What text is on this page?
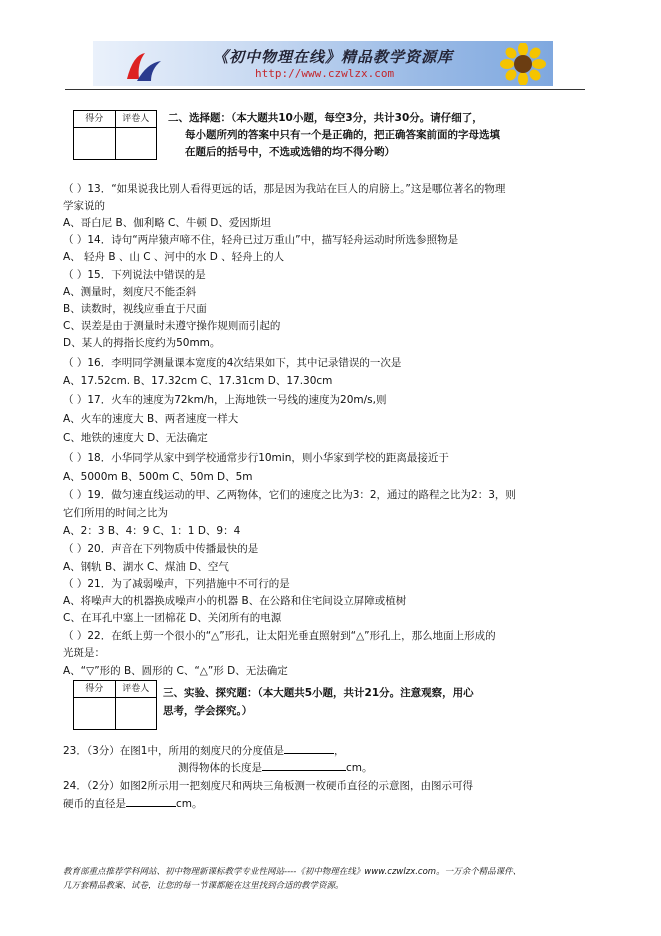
《初中物理在线》精品教学资源库
http://www.czwlzx.com
得分	评卷人	二、选择题：（本大题共10小题，每空3分，共计30分。请仔细了，
每小题所列的答案中只有一个是正确的，把正确答案前面的字母选填
在题后的括号中，不选或选错的均不得分哟）
（ ）13．“如果说我比别人看得更远的话，那是因为我站在巨人的肩膀上。”这是哪位著名的物理
学家说的
A、哥白尼 B、伽利略 C、牛顿 D、爱因斯坦
（ ）14．诗句“两岸猿声啼不住，轻舟已过万重山”中，描写轻舟运动时所选参照物是
A、 轻舟 B 、山 C 、河中的水 D 、轻舟上的人
（ ）15．下列说法中错误的是
A、测量时，刻度尺不能歪斜
B、读数时，视线应垂直于尺面
C、误差是由于测量时未遵守操作规则而引起的
D、某人的拇指长度约为50mm。
（ ）16．李明同学测量课本宽度的4次结果如下，其中记录错误的一次是
A、17.52cm. B、17.32cm C、17.31cm D、17.30cm
（ ）17．火车的速度为72km/h，上海地铁一号线的速度为20m/s,则
A、火车的速度大 B、两者速度一样大
C、地铁的速度大 D、无法确定
（ ）18．小华同学从家中到学校通常步行10min，则小华家到学校的距离最接近于
A、5000m B、500m C、50m D、5m
（ ）19．做匀速直线运动的甲、乙两物体，它们的速度之比为3：2，通过的路程之比为2：3，则
它们所用的时间之比为
A、2：3 B、4：9 C、1：1 D、9：4
（ ）20．声音在下列物质中传播最快的是
A、钢轨 B、湖水 C、煤油 D、空气
（ ）21．为了减弱噪声，下列措施中不可行的是
A、将噪声大的机器换成噪声小的机器 B、在公路和住宅间设立屏障或植树
C、在耳孔中塞上一团棉花 D、关闭所有的电源
（ ）22．在纸上剪一个很小的“△”形孔，让太阳光垂直照射到“△”形孔上，那么地面上形成的
光斑是：
A、“▽”形的 B、圆形的 C、“△”形 D、无法确定
得分	评卷人	三、实验、探究题：（本大题共5小题，共计21分。注意观察，用心
思考，学会探究。）
23．（3分）在图1中，所用的刻度尺的分度值是	，
测得物体的长度是	cm。
24．（2分）如图2所示用一把刻度尺和两块三角板测一枚硬币直径的示意图，由图示可得
硬币的直径是	cm。
教育部重点推荐学科网站、初中物理新课标教学专业性网站----《初中物理在线》www.czwlzx.com。一万余个精品课件、
几万套精品教案、试卷，让您的每一节课都能在这里找到合适的教学资源。
